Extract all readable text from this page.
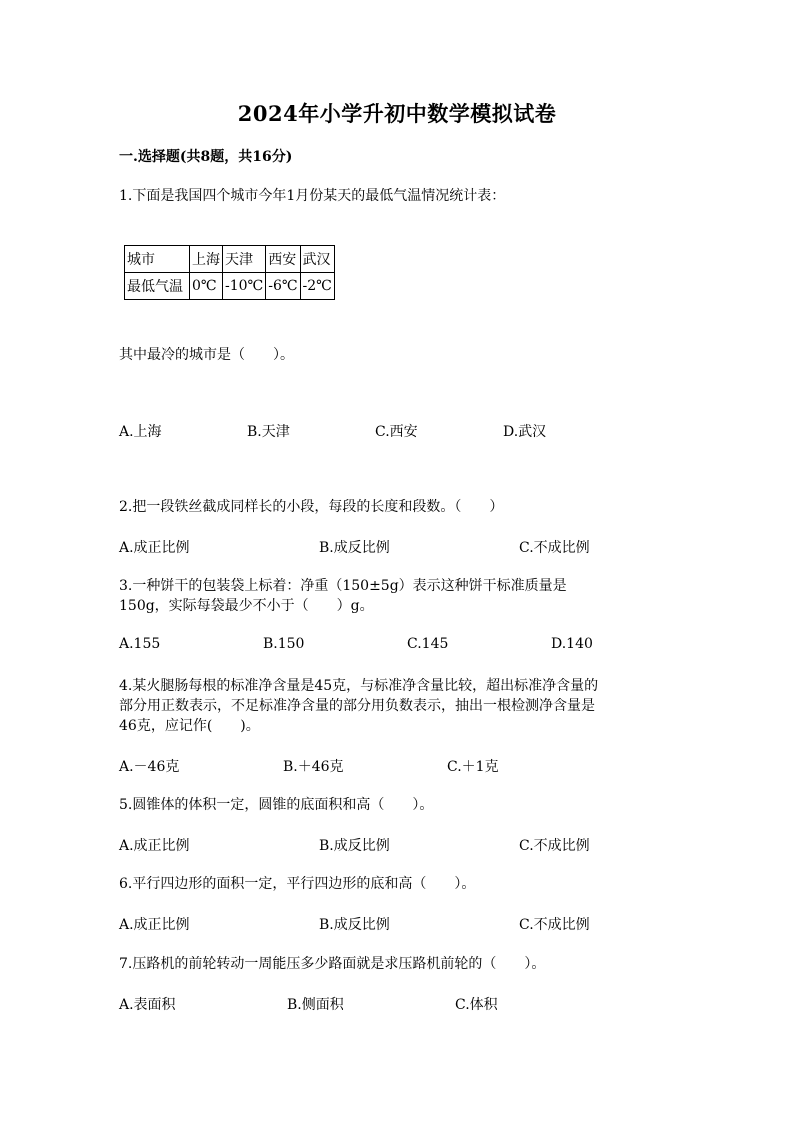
2024年小学升初中数学模拟试卷
一.选择题(共8题，共16分)
1.下面是我国四个城市今年1月份某天的最低气温情况统计表：
城市	上海	天津	西安	武汉
最低气温	0℃	-10℃	-6℃	-2℃
其中最冷的城市是（　　）。
A.上海	B.天津	C.西安	D.武汉
2.把一段铁丝截成同样长的小段，每段的长度和段数。（　　）
A.成正比例	B.成反比例	C.不成比例
3.一种饼干的包装袋上标着：净重（150±5g）表示这种饼干标准质量是
150g，实际每袋最少不小于（　　）g。
A.155	B.150	C.145	D.140
4.某火腿肠每根的标准净含量是45克，与标准净含量比较，超出标准净含量的
部分用正数表示，不足标准净含量的部分用负数表示，抽出一根检测净含量是
46克，应记作(　　)。
A.－46克	B.＋46克	C.＋1克
5.圆锥体的体积一定，圆锥的底面积和高（　　）。
A.成正比例	B.成反比例	C.不成比例
6.平行四边形的面积一定，平行四边形的底和高（　　）。
A.成正比例	B.成反比例	C.不成比例
7.压路机的前轮转动一周能压多少路面就是求压路机前轮的（　　）。
A.表面积	B.侧面积	C.体积
